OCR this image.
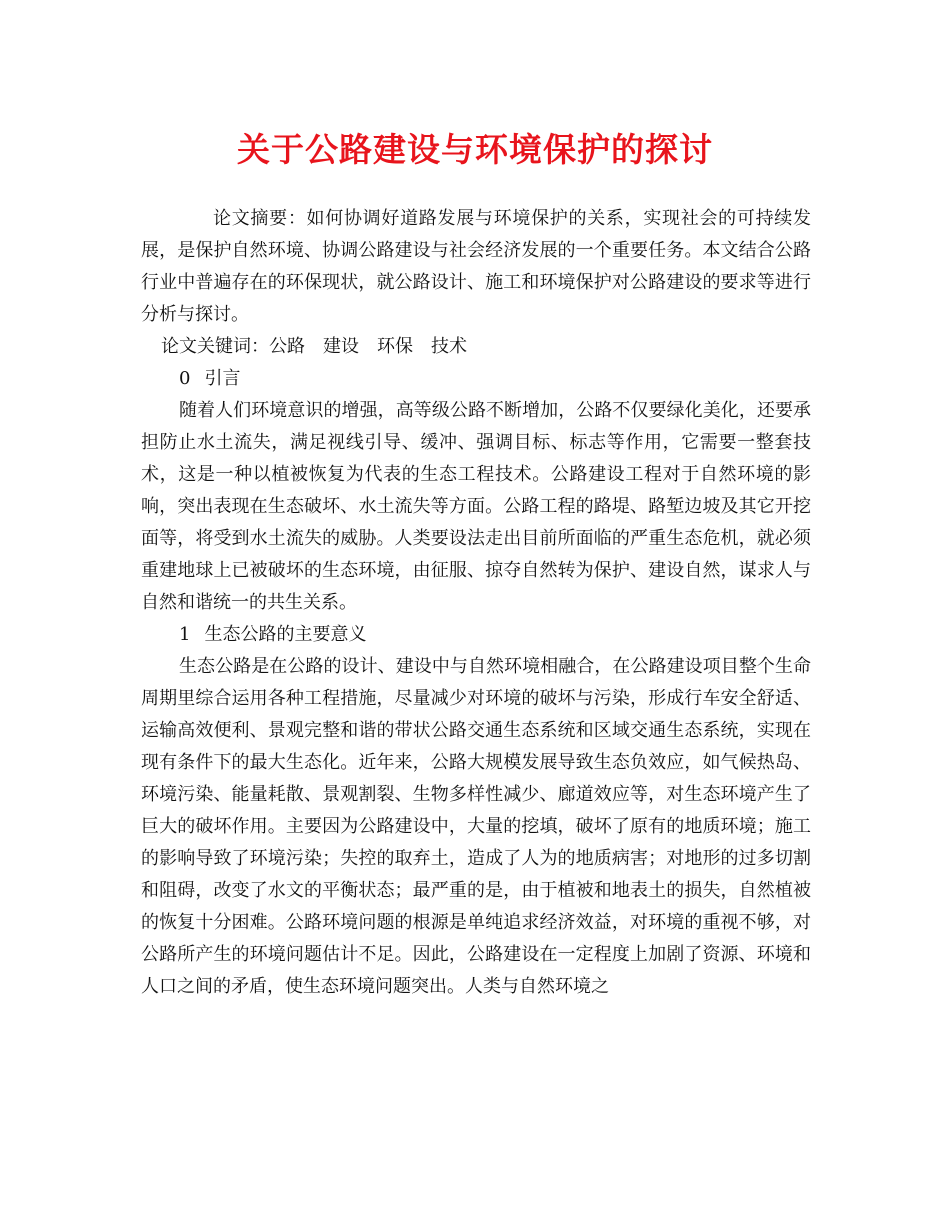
关于公路建设与环境保护的探讨

论文摘要：如何协调好道路发展与环境保护的关系，实现社会的可持续发展，是保护自然环境、协调公路建设与社会经济发展的一个重要任务。本文结合公路行业中普遍存在的环保现状，就公路设计、施工和环境保护对公路建设的要求等进行分析与探讨。

论文关键词：公路 建设 环保 技术

0 引言

随着人们环境意识的增强，高等级公路不断增加，公路不仅要绿化美化，还要承担防止水土流失，满足视线引导、缓冲、强调目标、标志等作用，它需要一整套技术，这是一种以植被恢复为代表的生态工程技术。公路建设工程对于自然环境的影响，突出表现在生态破坏、水土流失等方面。公路工程的路堤、路堑边坡及其它开挖面等，将受到水土流失的威胁。人类要设法走出目前所面临的严重生态危机，就必须重建地球上已被破坏的生态环境，由征服、掠夺自然转为保护、建设自然，谋求人与自然和谐统一的共生关系。

1 生态公路的主要意义

生态公路是在公路的设计、建设中与自然环境相融合，在公路建设项目整个生命周期里综合运用各种工程措施，尽量减少对环境的破坏与污染，形成行车安全舒适、运输高效便利、景观完整和谐的带状公路交通生态系统和区域交通生态系统，实现在现有条件下的最大生态化。近年来，公路大规模发展导致生态负效应，如气候热岛、环境污染、能量耗散、景观割裂、生物多样性减少、廊道效应等，对生态环境产生了巨大的破坏作用。主要因为公路建设中，大量的挖填，破坏了原有的地质环境；施工的影响导致了环境污染；失控的取弃土，造成了人为的地质病害；对地形的过多切割和阻碍，改变了水文的平衡状态；最严重的是，由于植被和地表土的损失，自然植被的恢复十分困难。公路环境问题的根源是单纯追求经济效益，对环境的重视不够，对公路所产生的环境问题估计不足。因此，公路建设在一定程度上加剧了资源、环境和人口之间的矛盾，使生态环境问题突出。人类与自然环境之
